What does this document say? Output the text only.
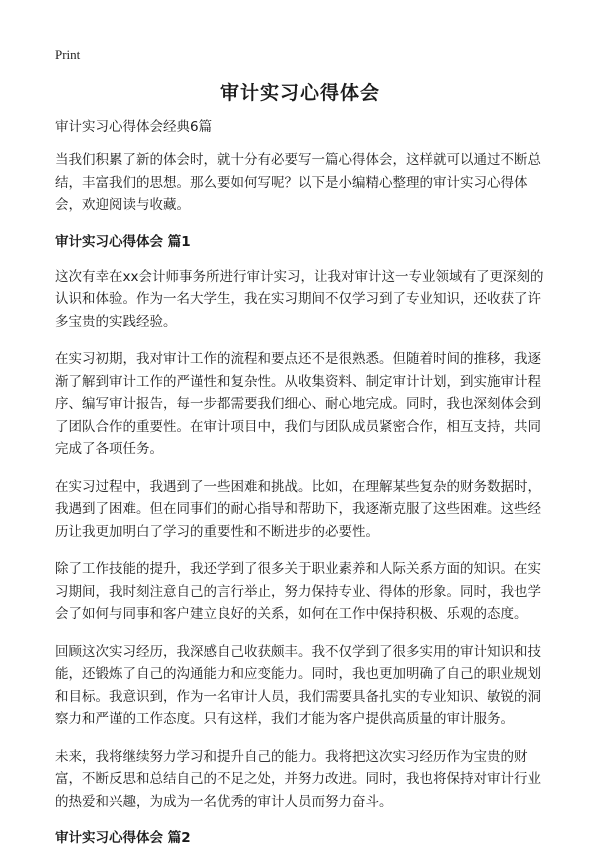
Print
审计实习心得体会

审计实习心得体会经典6篇

当我们积累了新的体会时，就十分有必要写一篇心得体会，这样就可以通过不断总结，丰富我们的思想。那么要如何写呢？以下是小编精心整理的审计实习心得体会，欢迎阅读与收藏。

审计实习心得体会 篇1

这次有幸在xx会计师事务所进行审计实习，让我对审计这一专业领域有了更深刻的认识和体验。作为一名大学生，我在实习期间不仅学习到了专业知识，还收获了许多宝贵的实践经验。

在实习初期，我对审计工作的流程和要点还不是很熟悉。但随着时间的推移，我逐渐了解到审计工作的严谨性和复杂性。从收集资料、制定审计计划，到实施审计程序、编写审计报告，每一步都需要我们细心、耐心地完成。同时，我也深刻体会到了团队合作的重要性。在审计项目中，我们与团队成员紧密合作，相互支持，共同完成了各项任务。

在实习过程中，我遇到了一些困难和挑战。比如，在理解某些复杂的财务数据时，我遇到了困难。但在同事们的耐心指导和帮助下，我逐渐克服了这些困难。这些经历让我更加明白了学习的重要性和不断进步的必要性。

除了工作技能的提升，我还学到了很多关于职业素养和人际关系方面的知识。在实习期间，我时刻注意自己的言行举止，努力保持专业、得体的形象。同时，我也学会了如何与同事和客户建立良好的关系，如何在工作中保持积极、乐观的态度。

回顾这次实习经历，我深感自己收获颇丰。我不仅学到了很多实用的审计知识和技能，还锻炼了自己的沟通能力和应变能力。同时，我也更加明确了自己的职业规划和目标。我意识到，作为一名审计人员，我们需要具备扎实的专业知识、敏锐的洞察力和严谨的工作态度。只有这样，我们才能为客户提供高质量的审计服务。

未来，我将继续努力学习和提升自己的能力。我将把这次实习经历作为宝贵的财富，不断反思和总结自己的不足之处，并努力改进。同时，我也将保持对审计行业的热爱和兴趣，为成为一名优秀的审计人员而努力奋斗。

审计实习心得体会 篇2
